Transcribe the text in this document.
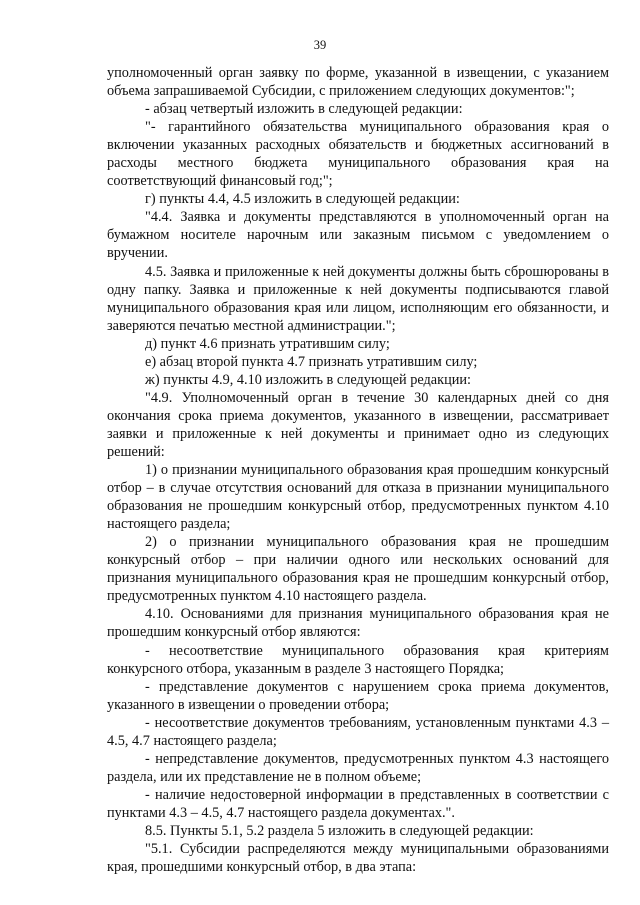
39

уполномоченный орган заявку по форме, указанной в извещении, с указанием объема запрашиваемой Субсидии, с приложением следующих документов:";

- абзац четвертый изложить в следующей редакции:

"- гарантийного обязательства муниципального образования края о включении указанных расходных обязательств и бюджетных ассигнований в расходы местного бюджета муниципального образования края на соответствующий финансовый год;";

г) пункты 4.4, 4.5 изложить в следующей редакции:

"4.4. Заявка и документы представляются в уполномоченный орган на бумажном носителе нарочным или заказным письмом с уведомлением о вручении.

4.5. Заявка и приложенные к ней документы должны быть сброшюрованы в одну папку. Заявка и приложенные к ней документы подписываются главой муниципального образования края или лицом, исполняющим его обязанности, и заверяются печатью местной администрации.";

д) пункт 4.6 признать утратившим силу;

е) абзац второй пункта 4.7 признать утратившим силу;

ж) пункты 4.9, 4.10 изложить в следующей редакции:

"4.9. Уполномоченный орган в течение 30 календарных дней со дня окончания срока приема документов, указанного в извещении, рассматривает заявки и приложенные к ней документы и принимает одно из следующих решений:

1) о признании муниципального образования края прошедшим конкурсный отбор – в случае отсутствия оснований для отказа в признании муниципального образования не прошедшим конкурсный отбор, предусмотренных пунктом 4.10 настоящего раздела;

2) о признании муниципального образования края не прошедшим конкурсный отбор – при наличии одного или нескольких оснований для признания муниципального образования края не прошедшим конкурсный отбор, предусмотренных пунктом 4.10 настоящего раздела.

4.10. Основаниями для признания муниципального образования края не прошедшим конкурсный отбор являются:

- несоответствие муниципального образования края критериям конкурсного отбора, указанным в разделе 3 настоящего Порядка;

- представление документов с нарушением срока приема документов, указанного в извещении о проведении отбора;

- несоответствие документов требованиям, установленным пунктами 4.3 – 4.5, 4.7 настоящего раздела;

- непредставление документов, предусмотренных пунктом 4.3 настоящего раздела, или их представление не в полном объеме;

- наличие недостоверной информации в представленных в соответствии с пунктами 4.3 – 4.5, 4.7 настоящего раздела документах.".

8.5. Пункты 5.1, 5.2 раздела 5 изложить в следующей редакции:

"5.1. Субсидии распределяются между муниципальными образованиями края, прошедшими конкурсный отбор, в два этапа:
